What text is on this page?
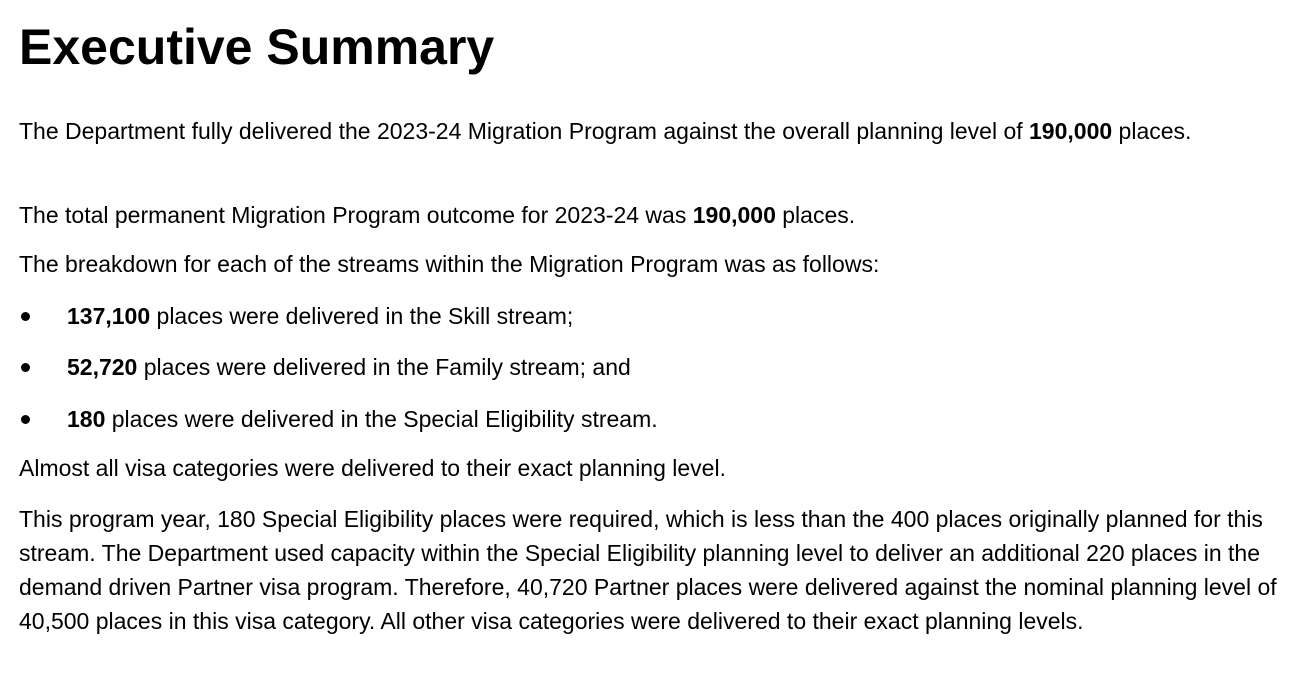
Executive Summary

The Department fully delivered the 2023-24 Migration Program against the overall planning level of 190,000 places.

The total permanent Migration Program outcome for 2023-24 was 190,000 places.

The breakdown for each of the streams within the Migration Program was as follows:

137,100 places were delivered in the Skill stream;
52,720 places were delivered in the Family stream; and
180 places were delivered in the Special Eligibility stream.

Almost all visa categories were delivered to their exact planning level.

This program year, 180 Special Eligibility places were required, which is less than the 400 places originally planned for this stream. The Department used capacity within the Special Eligibility planning level to deliver an additional 220 places in the demand driven Partner visa program. Therefore, 40,720 Partner places were delivered against the nominal planning level of 40,500 places in this visa category. All other visa categories were delivered to their exact planning levels.
